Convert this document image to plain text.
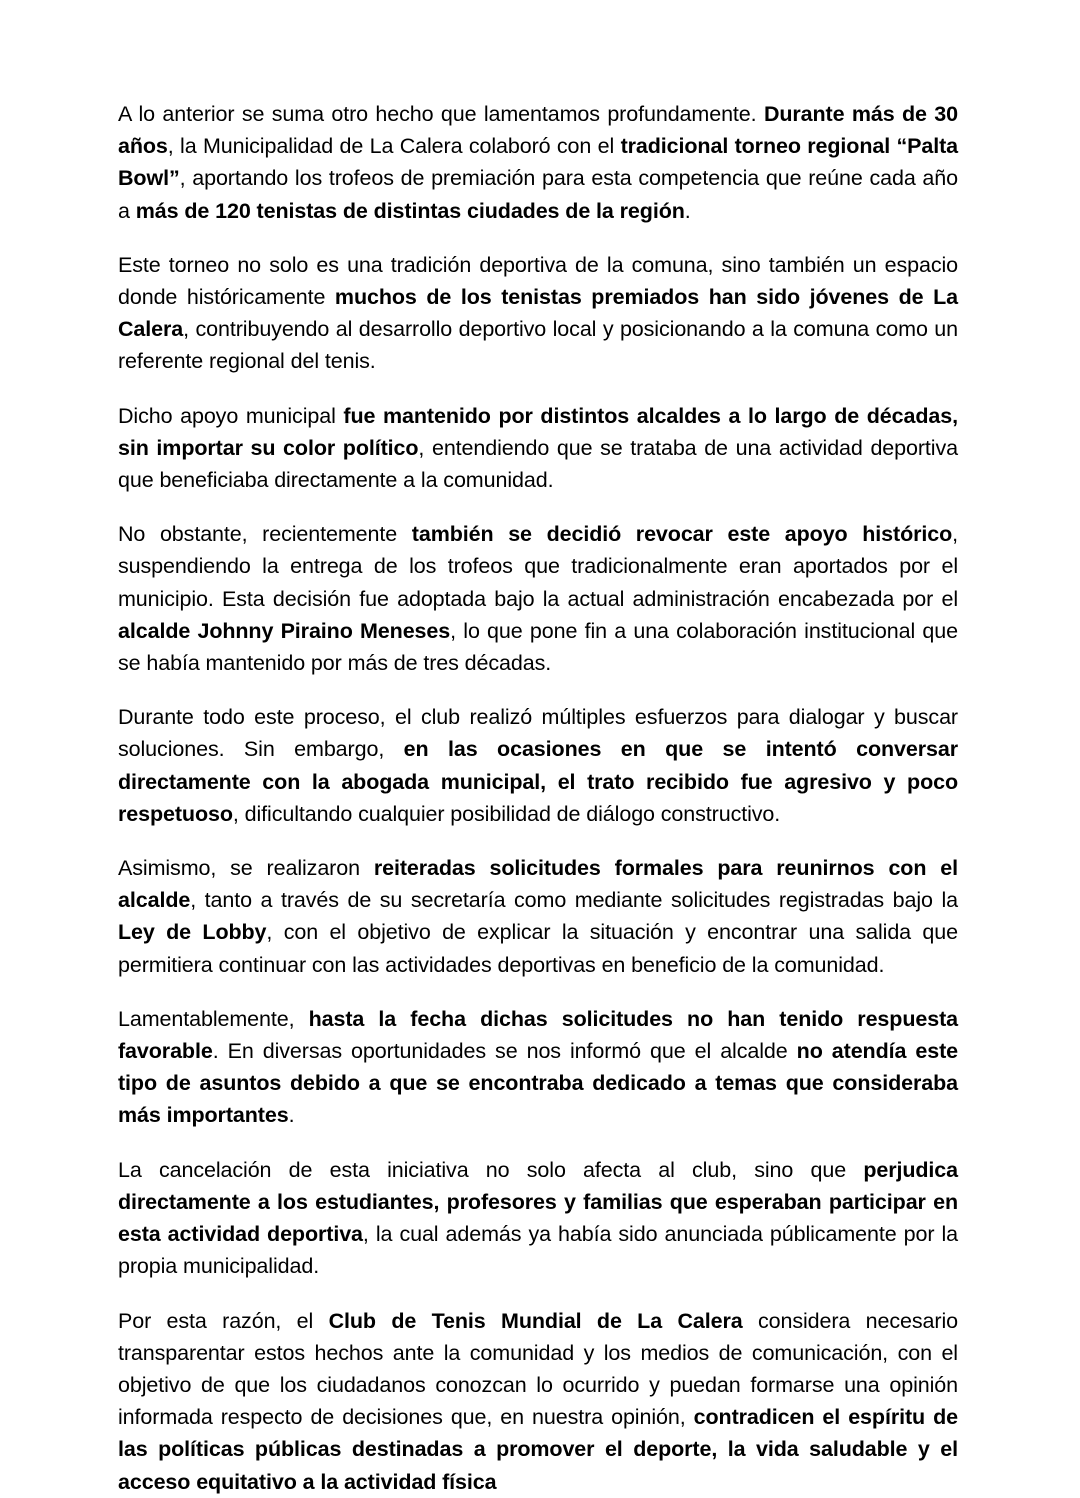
A lo anterior se suma otro hecho que lamentamos profundamente. Durante más de 30 años, la Municipalidad de La Calera colaboró con el tradicional torneo regional “Palta Bowl”, aportando los trofeos de premiación para esta competencia que reúne cada año a más de 120 tenistas de distintas ciudades de la región.

Este torneo no solo es una tradición deportiva de la comuna, sino también un espacio donde históricamente muchos de los tenistas premiados han sido jóvenes de La Calera, contribuyendo al desarrollo deportivo local y posicionando a la comuna como un referente regional del tenis.

Dicho apoyo municipal fue mantenido por distintos alcaldes a lo largo de décadas, sin importar su color político, entendiendo que se trataba de una actividad deportiva que beneficiaba directamente a la comunidad.

No obstante, recientemente también se decidió revocar este apoyo histórico, suspendiendo la entrega de los trofeos que tradicionalmente eran aportados por el municipio. Esta decisión fue adoptada bajo la actual administración encabezada por el alcalde Johnny Piraino Meneses, lo que pone fin a una colaboración institucional que se había mantenido por más de tres décadas.

Durante todo este proceso, el club realizó múltiples esfuerzos para dialogar y buscar soluciones. Sin embargo, en las ocasiones en que se intentó conversar directamente con la abogada municipal, el trato recibido fue agresivo y poco respetuoso, dificultando cualquier posibilidad de diálogo constructivo.

Asimismo, se realizaron reiteradas solicitudes formales para reunirnos con el alcalde, tanto a través de su secretaría como mediante solicitudes registradas bajo la Ley de Lobby, con el objetivo de explicar la situación y encontrar una salida que permitiera continuar con las actividades deportivas en beneficio de la comunidad.

Lamentablemente, hasta la fecha dichas solicitudes no han tenido respuesta favorable. En diversas oportunidades se nos informó que el alcalde no atendía este tipo de asuntos debido a que se encontraba dedicado a temas que consideraba más importantes.

La cancelación de esta iniciativa no solo afecta al club, sino que perjudica directamente a los estudiantes, profesores y familias que esperaban participar en esta actividad deportiva, la cual además ya había sido anunciada públicamente por la propia municipalidad.

Por esta razón, el Club de Tenis Mundial de La Calera considera necesario transparentar estos hechos ante la comunidad y los medios de comunicación, con el objetivo de que los ciudadanos conozcan lo ocurrido y puedan formarse una opinión informada respecto de decisiones que, en nuestra opinión, contradicen el espíritu de las políticas públicas destinadas a promover el deporte, la vida saludable y el acceso equitativo a la actividad física
